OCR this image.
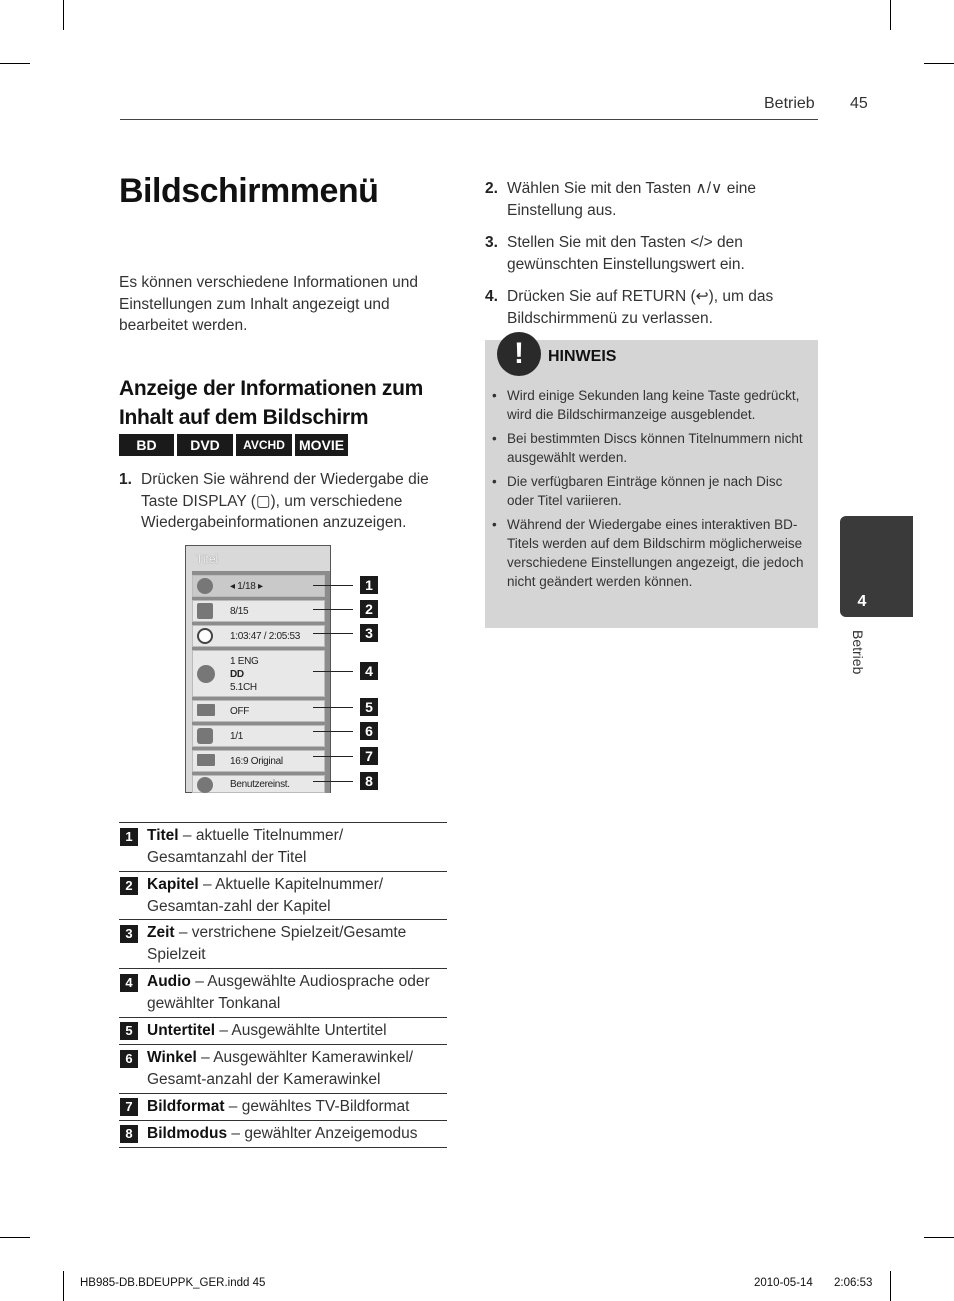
Betrieb 45
Bildschirmmenü
Es können verschiedene Informationen und Einstellungen zum Inhalt angezeigt und bearbeitet werden.
Anzeige der Informationen zum Inhalt auf dem Bildschirm
BD	DVD	AVCHD	MOVIE
1. Drücken Sie während der Wiedergabe die Taste DISPLAY (▢), um verschiedene Wiedergabeinformationen anzuzeigen.
Titel
◂ 1/18 ▸
8/15
1:03:47 / 2:05:53
1 ENG
DD
5.1CH
OFF
1/1
16:9 Original
Benutzereinst.
1
2
3
4
5
6
7
8
1 Titel – aktuelle Titelnummer/ Gesamtanzahl der Titel
2 Kapitel – Aktuelle Kapitelnummer/ Gesamtan-zahl der Kapitel
3 Zeit – verstrichene Spielzeit/Gesamte Spielzeit
4 Audio – Ausgewählte Audiosprache oder gewählter Tonkanal
5 Untertitel – Ausgewählte Untertitel
6 Winkel – Ausgewählter Kamerawinkel/ Gesamt-anzahl der Kamerawinkel
7 Bildformat – gewähltes TV-Bildformat
8 Bildmodus – gewählter Anzeigemodus
2. Wählen Sie mit den Tasten ∧/∨ eine Einstellung aus.
3. Stellen Sie mit den Tasten </> den gewünschten Einstellungswert ein.
4. Drücken Sie auf RETURN (↩), um das Bildschirmmenü zu verlassen.
!	HINWEIS
• Wird einige Sekunden lang keine Taste gedrückt, wird die Bildschirmanzeige ausgeblendet.
• Bei bestimmten Discs können Titelnummern nicht ausgewählt werden.
• Die verfügbaren Einträge können je nach Disc oder Titel variieren.
• Während der Wiedergabe eines interaktiven BD-Titels werden auf dem Bildschirm möglicherweise verschiedene Einstellungen angezeigt, die jedoch nicht geändert werden können.
4
Betrieb
HB985-DB.BDEUPPK_GER.indd 45	2010-05-14 2:06:53
